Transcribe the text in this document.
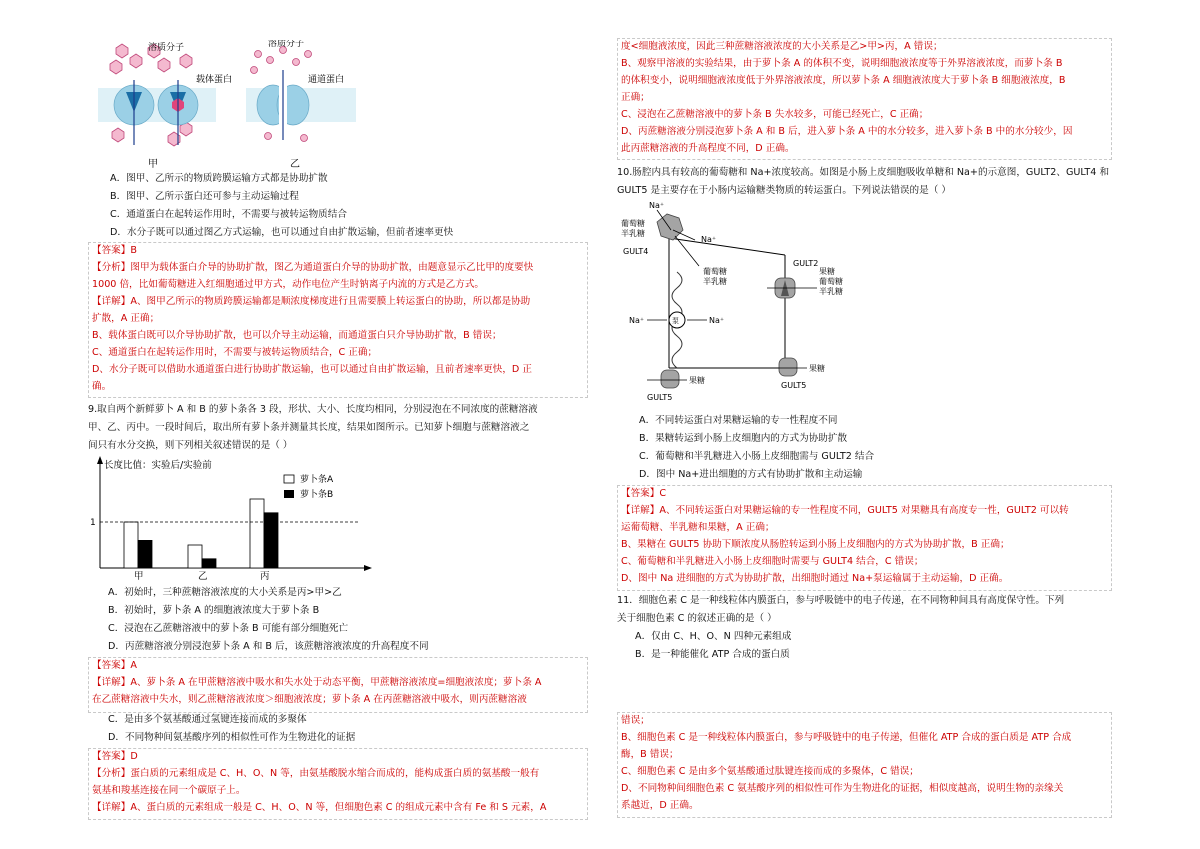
溶质分子
载体蛋白
甲
溶质分子
通道蛋白
乙
A．图甲、乙所示的物质跨膜运输方式都是协助扩散
B．图甲、乙所示蛋白还可参与主动运输过程
C．通道蛋白在起转运作用时，不需要与被转运物质结合
D．水分子既可以通过图乙方式运输，也可以通过自由扩散运输，但前者速率更快
【答案】B
【分析】图甲为载体蛋白介导的协助扩散，图乙为通道蛋白介导的协助扩散，由题意显示乙比甲的度要快
1000 倍，比如葡萄糖进入红细胞通过甲方式，动作电位产生时钠离子内流的方式是乙方式。
【详解】A、图甲乙所示的物质跨膜运输都是顺浓度梯度进行且需要膜上转运蛋白的协助，所以都是协助
扩散，A 正确；
B、载体蛋白既可以介导协助扩散，也可以介导主动运输，而通道蛋白只介导协助扩散，B 错误；
C、通道蛋白在起转运作用时，不需要与被转运物质结合，C 正确；
D、水分子既可以借助水通道蛋白进行协助扩散运输，也可以通过自由扩散运输，且前者速率更快，D 正
确。
9.取自两个新鲜萝卜 A 和 B 的萝卜条各 3 段，形状、大小、长度均相同，分别浸泡在不同浓度的蔗糖溶液
甲、乙、丙中。一段时间后，取出所有萝卜条并测量其长度，结果如图所示。已知萝卜细胞与蔗糖溶液之
间只有水分交换，则下列相关叙述错误的是（ ）
长度比值：实验后/实验前
萝卜条A
萝卜条B
甲	乙	丙
1
A．初始时，三种蔗糖溶液浓度的大小关系是丙>甲>乙
B．初始时，萝卜条 A 的细胞液浓度大于萝卜条 B
C．浸泡在乙蔗糖溶液中的萝卜条 B 可能有部分细胞死亡
D．丙蔗糖溶液分别浸泡萝卜条 A 和 B 后，该蔗糖溶液浓度的升高程度不同
【答案】A
【详解】A、萝卜条 A 在甲蔗糖溶液中吸水和失水处于动态平衡，甲蔗糖溶液浓度=细胞液浓度；萝卜条 A
在乙蔗糖溶液中失水，则乙蔗糖溶液浓度＞细胞液浓度；萝卜条 A 在丙蔗糖溶液中吸水，则丙蔗糖溶液
C．是由多个氨基酸通过氢键连接而成的多聚体
D．不同物种间氨基酸序列的相似性可作为生物进化的证据
【答案】D
【分析】蛋白质的元素组成是 C、H、O、N 等，由氨基酸脱水缩合而成的，能构成蛋白质的氨基酸一般有
氨基和羧基连接在同一个碳原子上。
【详解】A、蛋白质的元素组成一般是 C、H、O、N 等，但细胞色素 C 的组成元素中含有 Fe 和 S 元素，A
度<细胞液浓度，因此三种蔗糖溶液浓度的大小关系是乙>甲>丙，A 错误；
B、观察甲溶液的实验结果，由于萝卜条 A 的体积不变，说明细胞液浓度等于外界溶液浓度，而萝卜条 B
的体积变小，说明细胞液浓度低于外界溶液浓度，所以萝卜条 A 细胞液浓度大于萝卜条 B 细胞液浓度，B
正确；
C、浸泡在乙蔗糖溶液中的萝卜条 B 失水较多，可能已经死亡，C 正确；
D、丙蔗糖溶液分别浸泡萝卜条 A 和 B 后，进入萝卜条 A 中的水分较多，进入萝卜条 B 中的水分较少，因
此丙蔗糖溶液的升高程度不同，D 正确。
10.肠腔内具有较高的葡萄糖和 Na+浓度较高。如图是小肠上皮细胞吸收单糖和 Na+的示意图，GULT2、GULT4 和
GULT5 是主要存在于小肠内运输糖类物质的转运蛋白。下列说法错误的是（ ）
Na⁺
Na⁺
葡萄糖
半乳糖
GULT4
葡萄糖
半乳糖
Na⁺	泵	Na⁺
GULT2
果糖
葡萄糖
半乳糖
果糖
GULT5
果糖
GULT5
A．不同转运蛋白对果糖运输的专一性程度不同
B．果糖转运到小肠上皮细胞内的方式为协助扩散
C．葡萄糖和半乳糖进入小肠上皮细胞需与 GULT2 结合
D．图中 Na+进出细胞的方式有协助扩散和主动运输
【答案】C
【详解】A、不同转运蛋白对果糖运输的专一性程度不同，GULT5 对果糖具有高度专一性，GULT2 可以转
运葡萄糖、半乳糖和果糖，A 正确；
B、果糖在 GULT5 协助下顺浓度从肠腔转运到小肠上皮细胞内的方式为协助扩散，B 正确；
C、葡萄糖和半乳糖进入小肠上皮细胞时需要与 GULT4 结合，C 错误；
D、图中 Na 进细胞的方式为协助扩散，出细胞时通过 Na+泵运输属于主动运输，D 正确。
11．细胞色素 C 是一种线粒体内膜蛋白，参与呼吸链中的电子传递，在不同物种间具有高度保守性。下列
关于细胞色素 C 的叙述正确的是（ ）
A．仅由 C、H、O、N 四种元素组成
B．是一种能催化 ATP 合成的蛋白质
错误；
B、细胞色素 C 是一种线粒体内膜蛋白，参与呼吸链中的电子传递，但催化 ATP 合成的蛋白质是 ATP 合成
酶，B 错误；
C、细胞色素 C 是由多个氨基酸通过肽键连接而成的多聚体，C 错误；
D、不同物种间细胞色素 C 氨基酸序列的相似性可作为生物进化的证据，相似度越高，说明生物的亲缘关
系越近，D 正确。
